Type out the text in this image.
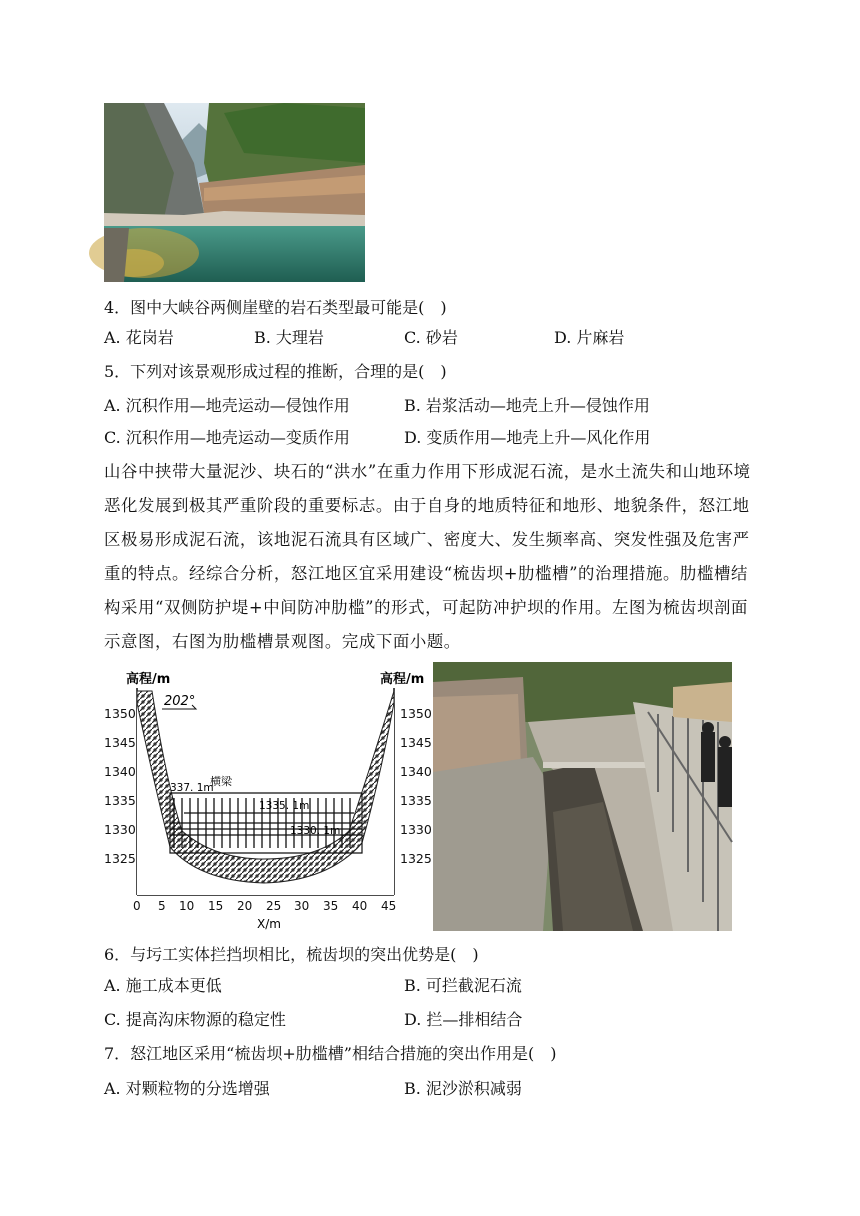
4．图中大峡谷两侧崖壁的岩石类型最可能是(　)
A. 花岗岩	B. 大理岩	C. 砂岩	D. 片麻岩
5．下列对该景观形成过程的推断，合理的是(　)
A. 沉积作用—地壳运动—侵蚀作用	B. 岩浆活动—地壳上升—侵蚀作用
C. 沉积作用—地壳运动—变质作用	D. 变质作用—地壳上升—风化作用
山谷中挟带大量泥沙、块石的“洪水”在重力作用下形成泥石流，是水土流失和山地环境恶化发展到极其严重阶段的重要标志。由于自身的地质特征和地形、地貌条件，怒江地区极易形成泥石流，该地泥石流具有区域广、密度大、发生频率高、突发性强及危害严重的特点。经综合分析，怒江地区宜采用建设“梳齿坝+肋槛槽”的治理措施。肋槛槽结构采用“双侧防护堤+中间防冲肋槛”的形式，可起防冲护坝的作用。左图为梳齿坝剖面示意图，右图为肋槛槽景观图。完成下面小题。
高程/m	高程/m
1350
1345
1340
1335
1330
1325
1350
1345
1340
1335
1330
1325
202°
横梁
337. 1m
1335. 1m
1330. 1m
0 5 10 15 20 25 30 35 40 45
X/m
6．与圬工实体拦挡坝相比，梳齿坝的突出优势是(　)
A. 施工成本更低	B. 可拦截泥石流
C. 提高沟床物源的稳定性	D. 拦—排相结合
7．怒江地区采用“梳齿坝+肋槛槽”相结合措施的突出作用是(　)
A. 对颗粒物的分选增强	B. 泥沙淤积减弱
